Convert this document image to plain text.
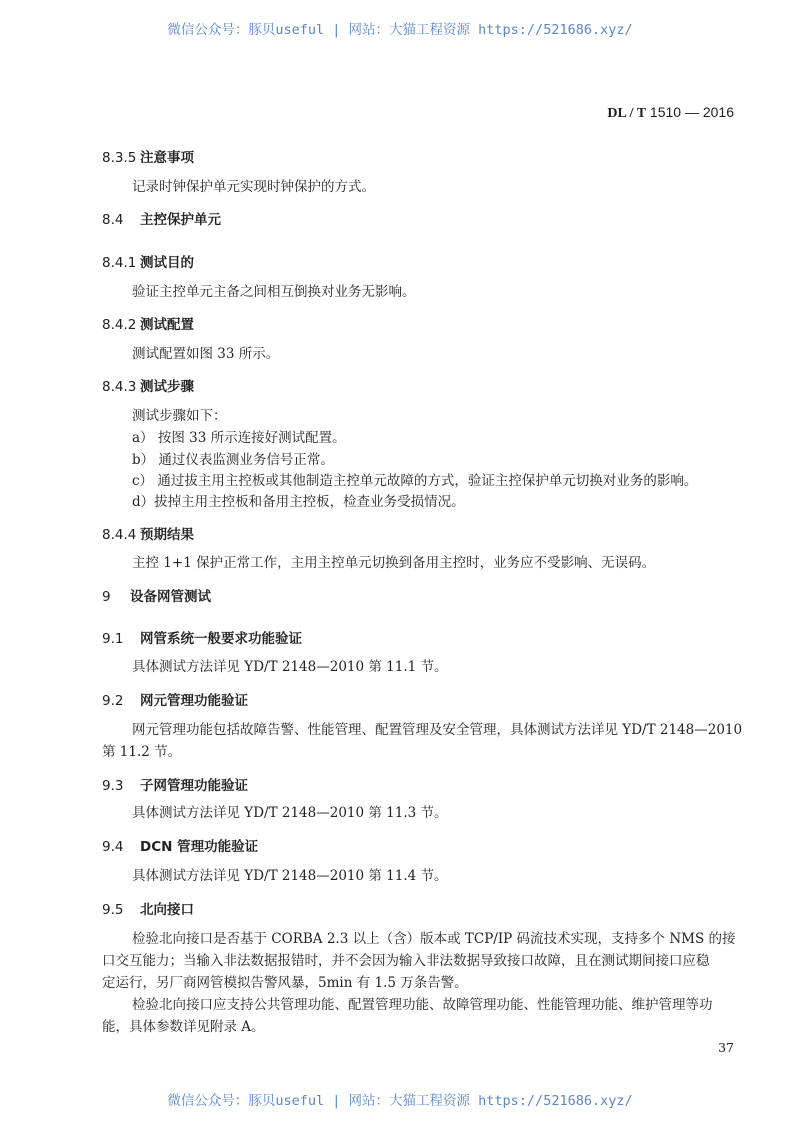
微信公众号：豚贝useful | 网站：大猫工程资源 https://521686.xyz/
DL / T 1510 — 2016
8.3.5 注意事项
记录时钟保护单元实现时钟保护的方式。
8.4 主控保护单元
8.4.1 测试目的
验证主控单元主备之间相互倒换对业务无影响。
8.4.2 测试配置
测试配置如图 33 所示。
8.4.3 测试步骤
测试步骤如下：
a） 按图 33 所示连接好测试配置。
b） 通过仪表监测业务信号正常。
c） 通过拔主用主控板或其他制造主控单元故障的方式，验证主控保护单元切换对业务的影响。
d）拔掉主用主控板和备用主控板，检查业务受损情况。
8.4.4 预期结果
主控 1+1 保护正常工作，主用主控单元切换到备用主控时，业务应不受影响、无误码。
9 设备网管测试
9.1 网管系统一般要求功能验证
具体测试方法详见 YD/T 2148—2010 第 11.1 节。
9.2 网元管理功能验证
网元管理功能包括故障告警、性能管理、配置管理及安全管理，具体测试方法详见 YD/T 2148—2010
第 11.2 节。
9.3 子网管理功能验证
具体测试方法详见 YD/T 2148—2010 第 11.3 节。
9.4 DCN 管理功能验证
具体测试方法详见 YD/T 2148—2010 第 11.4 节。
9.5 北向接口
检验北向接口是否基于 CORBA 2.3 以上（含）版本或 TCP/IP 码流技术实现，支持多个 NMS 的接
口交互能力；当输入非法数据报错时，并不会因为输入非法数据导致接口故障，且在测试期间接口应稳
定运行，另厂商网管模拟告警风暴，5min 有 1.5 万条告警。
检验北向接口应支持公共管理功能、配置管理功能、故障管理功能、性能管理功能、维护管理等功
能，具体参数详见附录 A。
37
微信公众号：豚贝useful | 网站：大猫工程资源 https://521686.xyz/
